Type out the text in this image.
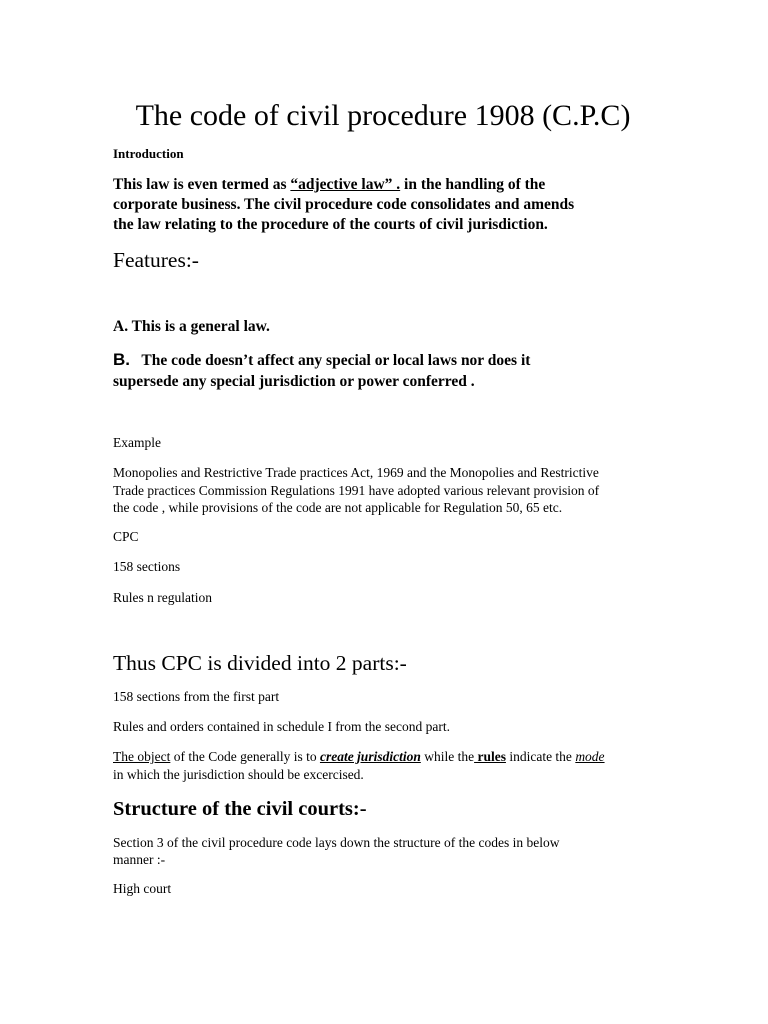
The code of civil procedure 1908 (C.P.C)
Introduction
This law is even termed as “adjective law” . in the handling of the
corporate business. The civil procedure code consolidates and amends
the law relating to the procedure of the courts of civil jurisdiction.
Features:-
A. This is a general law.
B. The code doesn’t affect any special or local laws nor does it
supersede any special jurisdiction or power conferred .
Example
Monopolies and Restrictive Trade practices Act, 1969 and the Monopolies and Restrictive
Trade practices Commission Regulations 1991 have adopted various relevant provision of
the code , while provisions of the code are not applicable for Regulation 50, 65 etc.
CPC
158 sections
Rules n regulation
Thus CPC is divided into 2 parts:-
158 sections from the first part
Rules and orders contained in schedule I from the second part.
The object of the Code generally is to create jurisdiction while the rules indicate the mode
in which the jurisdiction should be excercised.
Structure of the civil courts:-
Section 3 of the civil procedure code lays down the structure of the codes in below
manner :-
High court
